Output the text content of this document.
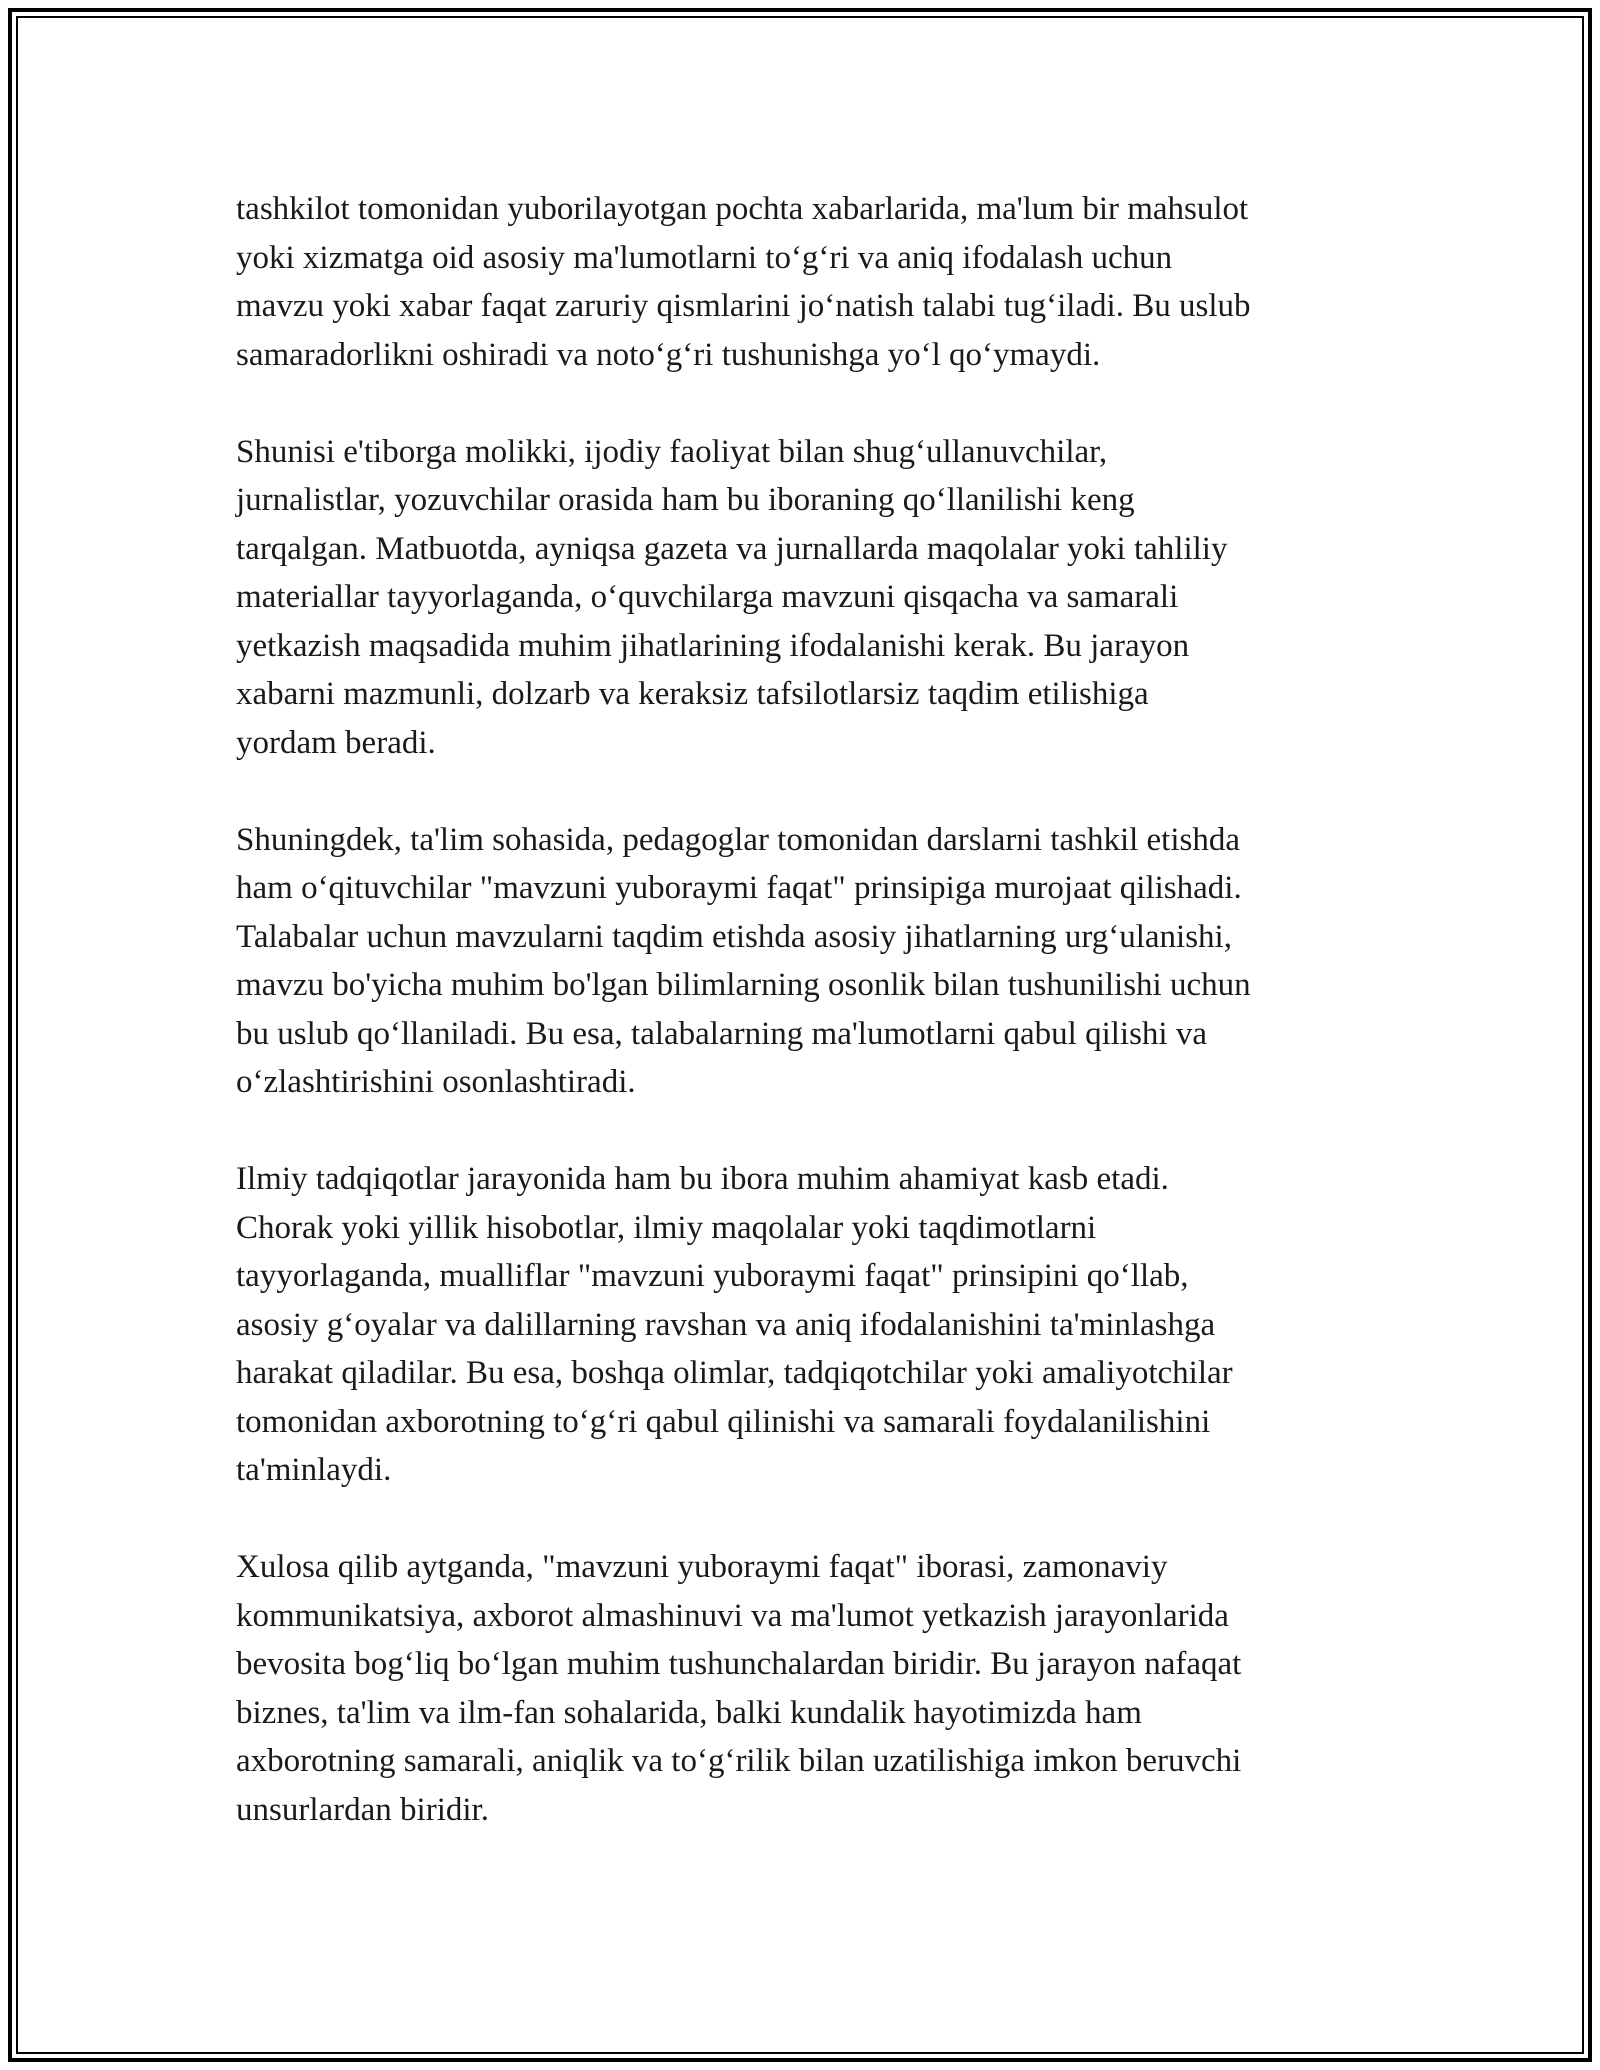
tashkilot tomonidan yuborilayotgan pochta xabarlarida, ma'lum bir mahsulot
yoki xizmatga oid asosiy ma'lumotlarni to‘g‘ri va aniq ifodalash uchun
mavzu yoki xabar faqat zaruriy qismlarini jo‘natish talabi tug‘iladi. Bu uslub
samaradorlikni oshiradi va noto‘g‘ri tushunishga yo‘l qo‘ymaydi.

Shunisi e'tiborga molikki, ijodiy faoliyat bilan shug‘ullanuvchilar,
jurnalistlar, yozuvchilar orasida ham bu iboraning qo‘llanilishi keng
tarqalgan. Matbuotda, ayniqsa gazeta va jurnallarda maqolalar yoki tahliliy
materiallar tayyorlaganda, o‘quvchilarga mavzuni qisqacha va samarali
yetkazish maqsadida muhim jihatlarining ifodalanishi kerak. Bu jarayon
xabarni mazmunli, dolzarb va keraksiz tafsilotlarsiz taqdim etilishiga
yordam beradi.

Shuningdek, ta'lim sohasida, pedagoglar tomonidan darslarni tashkil etishda
ham o‘qituvchilar "mavzuni yuboraymi faqat" prinsipiga murojaat qilishadi.
Talabalar uchun mavzularni taqdim etishda asosiy jihatlarning urg‘ulanishi,
mavzu bo'yicha muhim bo'lgan bilimlarning osonlik bilan tushunilishi uchun
bu uslub qo‘llaniladi. Bu esa, talabalarning ma'lumotlarni qabul qilishi va
o‘zlashtirishini osonlashtiradi.

Ilmiy tadqiqotlar jarayonida ham bu ibora muhim ahamiyat kasb etadi.
Chorak yoki yillik hisobotlar, ilmiy maqolalar yoki taqdimotlarni
tayyorlaganda, mualliflar "mavzuni yuboraymi faqat" prinsipini qo‘llab,
asosiy g‘oyalar va dalillarning ravshan va aniq ifodalanishini ta'minlashga
harakat qiladilar. Bu esa, boshqa olimlar, tadqiqotchilar yoki amaliyotchilar
tomonidan axborotning to‘g‘ri qabul qilinishi va samarali foydalanilishini
ta'minlaydi.

Xulosa qilib aytganda, "mavzuni yuboraymi faqat" iborasi, zamonaviy
kommunikatsiya, axborot almashinuvi va ma'lumot yetkazish jarayonlarida
bevosita bog‘liq bo‘lgan muhim tushunchalardan biridir. Bu jarayon nafaqat
biznes, ta'lim va ilm-fan sohalarida, balki kundalik hayotimizda ham
axborotning samarali, aniqlik va to‘g‘rilik bilan uzatilishiga imkon beruvchi
unsurlardan biridir.
